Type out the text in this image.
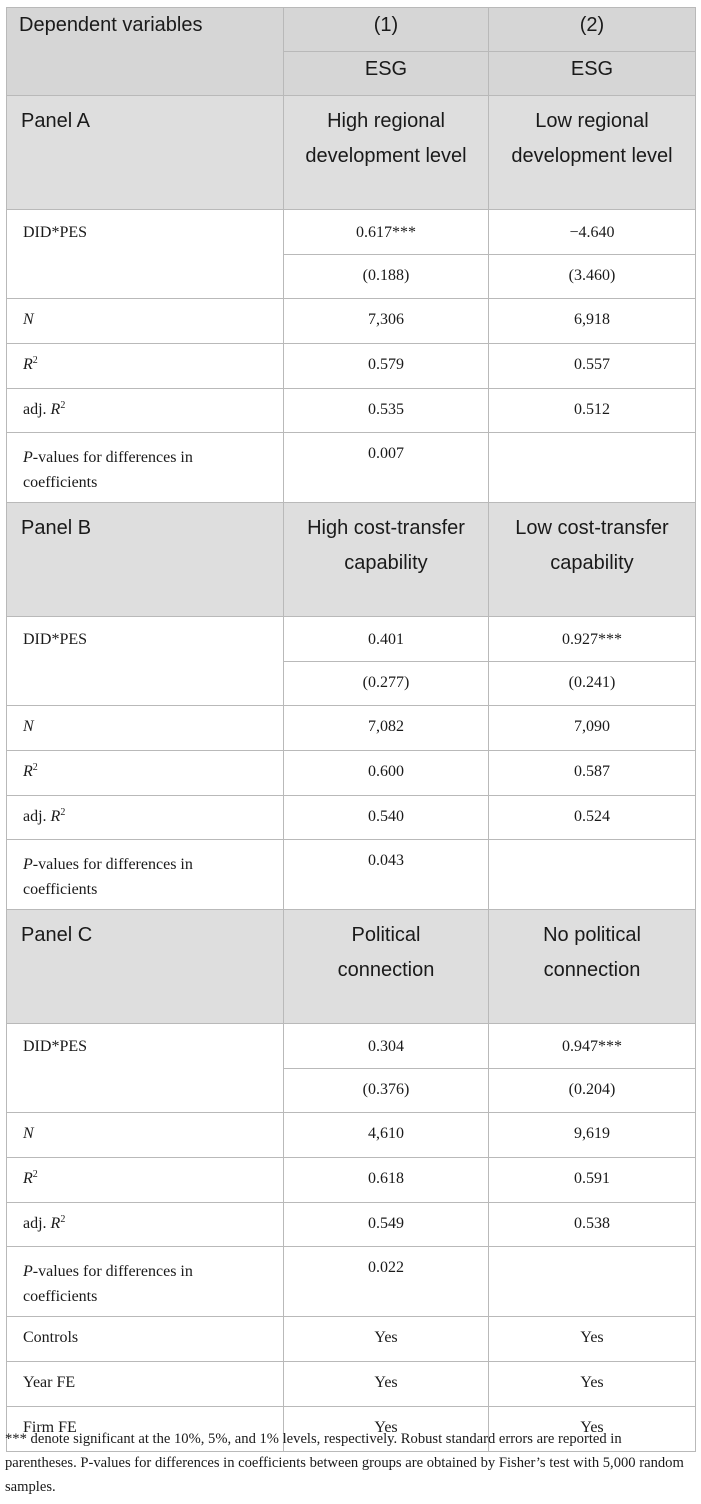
Dependent variables	(1)	(2)

	ESG	ESG

Panel A	High regional development level	Low regional development level

DID*PES	0.617***	−4.640

	(0.188)	(3.460)

N	7,306	6,918

$R^2$	0.579	0.557

adj. $R^2$	0.535	0.512

P-values for differences in coefficients	0.007	

Panel B	High cost-transfer capability	Low cost-transfer capability

DID*PES	0.401	0.927***

	(0.277)	(0.241)

N	7,082	7,090

$R^2$	0.600	0.587

adj. $R^2$	0.540	0.524

P-values for differences in coefficients	0.043	

Panel C	Political connection	No political connection

DID*PES	0.304	0.947***

	(0.376)	(0.204)

N	4,610	9,619

$R^2$	0.618	0.591

adj. $R^2$	0.549	0.538

P-values for differences in coefficients	0.022	

Controls	Yes	Yes

Year FE	Yes	Yes

Firm FE	Yes	Yes
*** denote significant at the 10%, 5%, and 1% levels, respectively. Robust standard errors are reported in parentheses. P-values for differences in coefficients between groups are obtained by Fisher’s test with 5,000 random samples.
